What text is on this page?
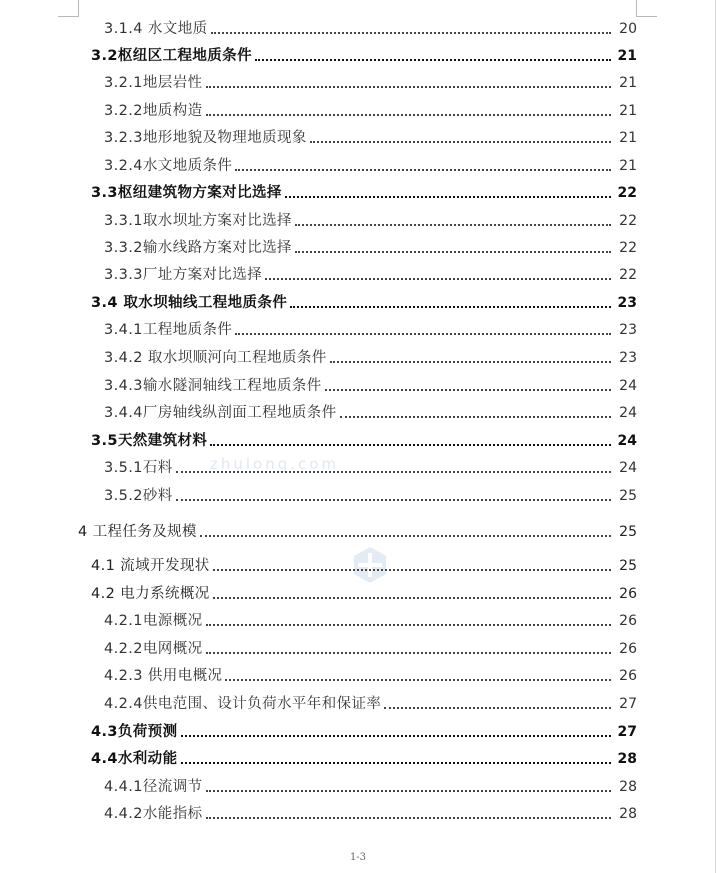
zhulong.com
3.1.4 水文地质	20
3.2枢纽区工程地质条件	21
3.2.1地层岩性	21
3.2.2地质构造	21
3.2.3地形地貌及物理地质现象	21
3.2.4水文地质条件	21
3.3枢纽建筑物方案对比选择	22
3.3.1取水坝址方案对比选择	22
3.3.2输水线路方案对比选择	22
3.3.3厂址方案对比选择	22
3.4 取水坝轴线工程地质条件	23
3.4.1工程地质条件	23
3.4.2 取水坝顺河向工程地质条件	23
3.4.3输水隧洞轴线工程地质条件	24
3.4.4厂房轴线纵剖面工程地质条件	24
3.5天然建筑材料	24
3.5.1石料	24
3.5.2砂料	25
4 工程任务及规模	25
4.1 流域开发现状	25
4.2 电力系统概况	26
4.2.1电源概况	26
4.2.2电网概况	26
4.2.3 供用电概况	26
4.2.4供电范围、设计负荷水平年和保证率	27
4.3负荷预测	27
4.4水利动能	28
4.4.1径流调节	28
4.4.2水能指标	28
1-3
